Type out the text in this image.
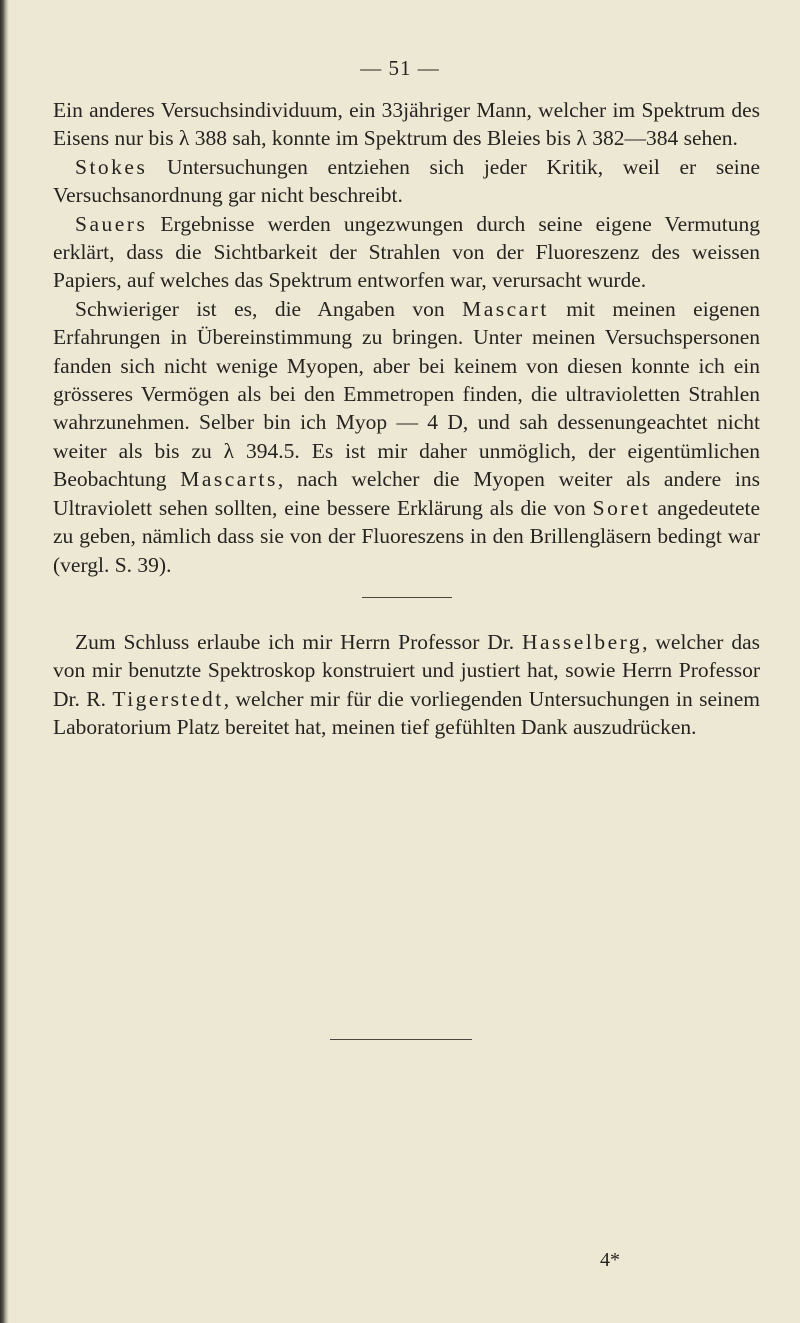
— 51 —

Ein anderes Versuchsindividuum, ein 33jähriger Mann, welcher im Spektrum des Eisens nur bis λ 388 sah, konnte im Spektrum des Bleies bis λ 382—384 sehen.

Stokes Untersuchungen entziehen sich jeder Kritik, weil er seine Versuchsanordnung gar nicht beschreibt.

Sauers Ergebnisse werden ungezwungen durch seine eigene Vermutung erklärt, dass die Sichtbarkeit der Strahlen von der Fluoreszenz des weissen Papiers, auf welches das Spektrum entworfen war, verursacht wurde.

Schwieriger ist es, die Angaben von Mascart mit meinen eigenen Erfahrungen in Übereinstimmung zu bringen. Unter meinen Versuchspersonen fanden sich nicht wenige Myopen, aber bei keinem von diesen konnte ich ein grösseres Vermögen als bei den Emmetropen finden, die ultravioletten Strahlen wahrzunehmen. Selber bin ich Myop — 4 D, und sah dessenungeachtet nicht weiter als bis zu λ 394.5. Es ist mir daher unmöglich, der eigentümlichen Beobachtung Mascarts, nach welcher die Myopen weiter als andere ins Ultraviolett sehen sollten, eine bessere Erklärung als die von Soret angedeutete zu geben, nämlich dass sie von der Fluoreszens in den Brillengläsern bedingt war (vergl. S. 39).

Zum Schluss erlaube ich mir Herrn Professor Dr. Hasselberg, welcher das von mir benutzte Spektroskop konstruiert und justiert hat, sowie Herrn Professor Dr. R. Tigerstedt, welcher mir für die vorliegenden Untersuchungen in seinem Laboratorium Platz bereitet hat, meinen tief gefühlten Dank auszudrücken.

4*
